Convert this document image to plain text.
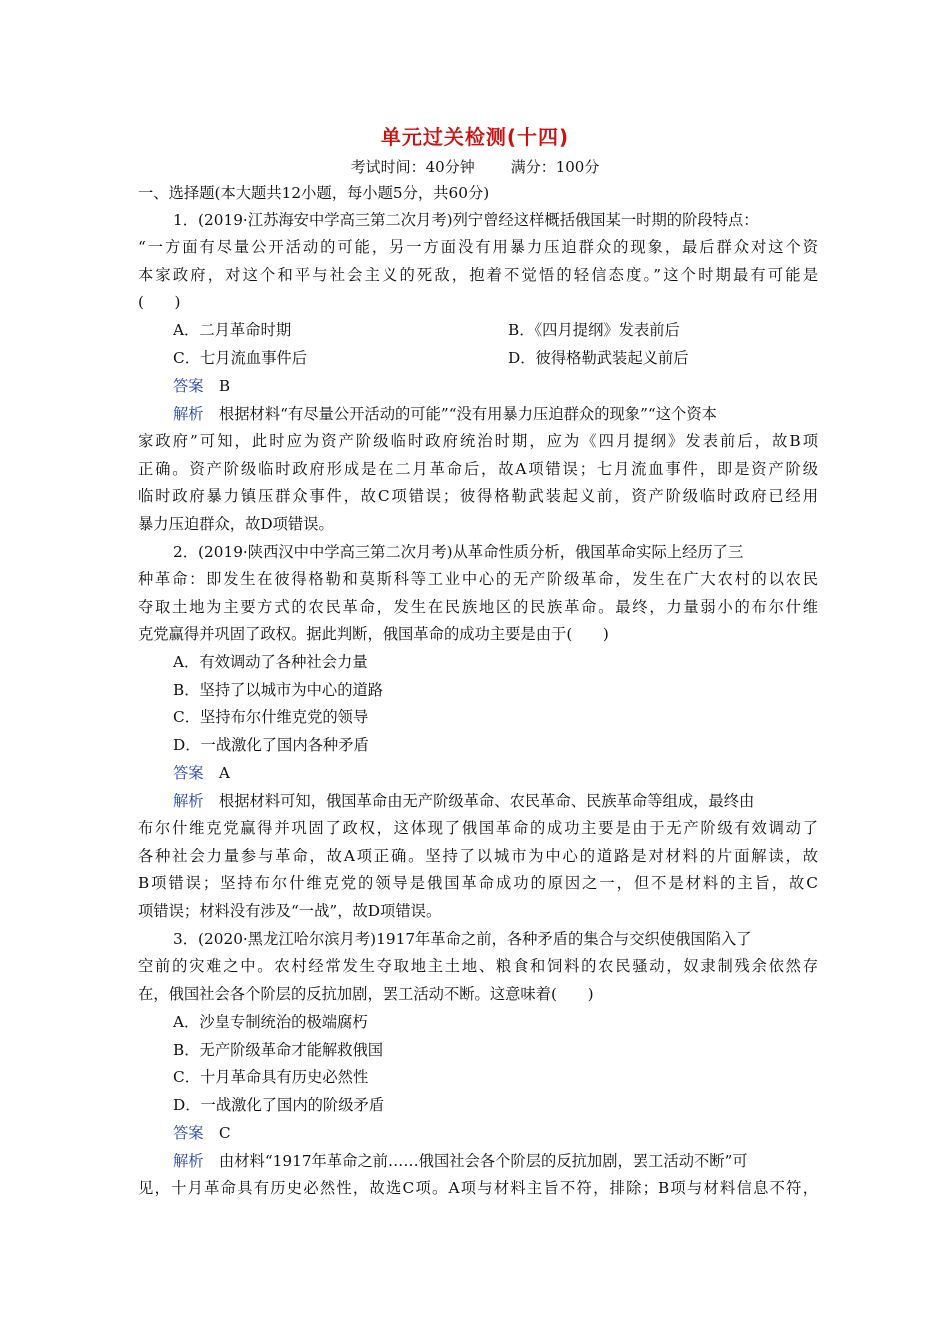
单元过关检测(十四)
考试时间：40分钟 满分：100分
一、选择题(本大题共12小题，每小题5分，共60分)
1．(2019·江苏海安中学高三第二次月考)列宁曾经这样概括俄国某一时期的阶段特点：
“一方面有尽量公开活动的可能，另一方面没有用暴力压迫群众的现象，最后群众对这个资
本家政府，对这个和平与社会主义的死敌，抱着不觉悟的轻信态度。”这个时期最有可能是
(　　)
A．二月革命时期	B．《四月提纲》发表前后
C．七月流血事件后	D．彼得格勒武装起义前后
答案　 B
解析　 根据材料“有尽量公开活动的可能”“没有用暴力压迫群众的现象”“这个资本
家政府”可知，此时应为资产阶级临时政府统治时期，应为《四月提纲》发表前后，故B项
正确。资产阶级临时政府形成是在二月革命后，故A项错误；七月流血事件，即是资产阶级
临时政府暴力镇压群众事件，故C项错误；彼得格勒武装起义前，资产阶级临时政府已经用
暴力压迫群众，故D项错误。
2．(2019·陕西汉中中学高三第二次月考)从革命性质分析，俄国革命实际上经历了三
种革命：即发生在彼得格勒和莫斯科等工业中心的无产阶级革命，发生在广大农村的以农民
夺取土地为主要方式的农民革命，发生在民族地区的民族革命。最终，力量弱小的布尔什维
克党赢得并巩固了政权。据此判断，俄国革命的成功主要是由于(　　)
A．有效调动了各种社会力量
B．坚持了以城市为中心的道路
C．坚持布尔什维克党的领导
D．一战激化了国内各种矛盾
答案　 A
解析　 根据材料可知，俄国革命由无产阶级革命、农民革命、民族革命等组成，最终由
布尔什维克党赢得并巩固了政权，这体现了俄国革命的成功主要是由于无产阶级有效调动了
各种社会力量参与革命，故A项正确。坚持了以城市为中心的道路是对材料的片面解读，故
B项错误；坚持布尔什维克党的领导是俄国革命成功的原因之一，但不是材料的主旨，故C
项错误；材料没有涉及“一战”，故D项错误。
3．(2020·黑龙江哈尔滨月考)1917年革命之前，各种矛盾的集合与交织使俄国陷入了
空前的灾难之中。农村经常发生夺取地主土地、粮食和饲料的农民骚动，奴隶制残余依然存
在，俄国社会各个阶层的反抗加剧，罢工活动不断。这意味着(　　)
A．沙皇专制统治的极端腐朽
B．无产阶级革命才能解救俄国
C．十月革命具有历史必然性
D．一战激化了国内的阶级矛盾
答案　 C
解析　 由材料“1917年革命之前……俄国社会各个阶层的反抗加剧，罢工活动不断”可
见，十月革命具有历史必然性，故选C项。A项与材料主旨不符，排除；B项与材料信息不符，
